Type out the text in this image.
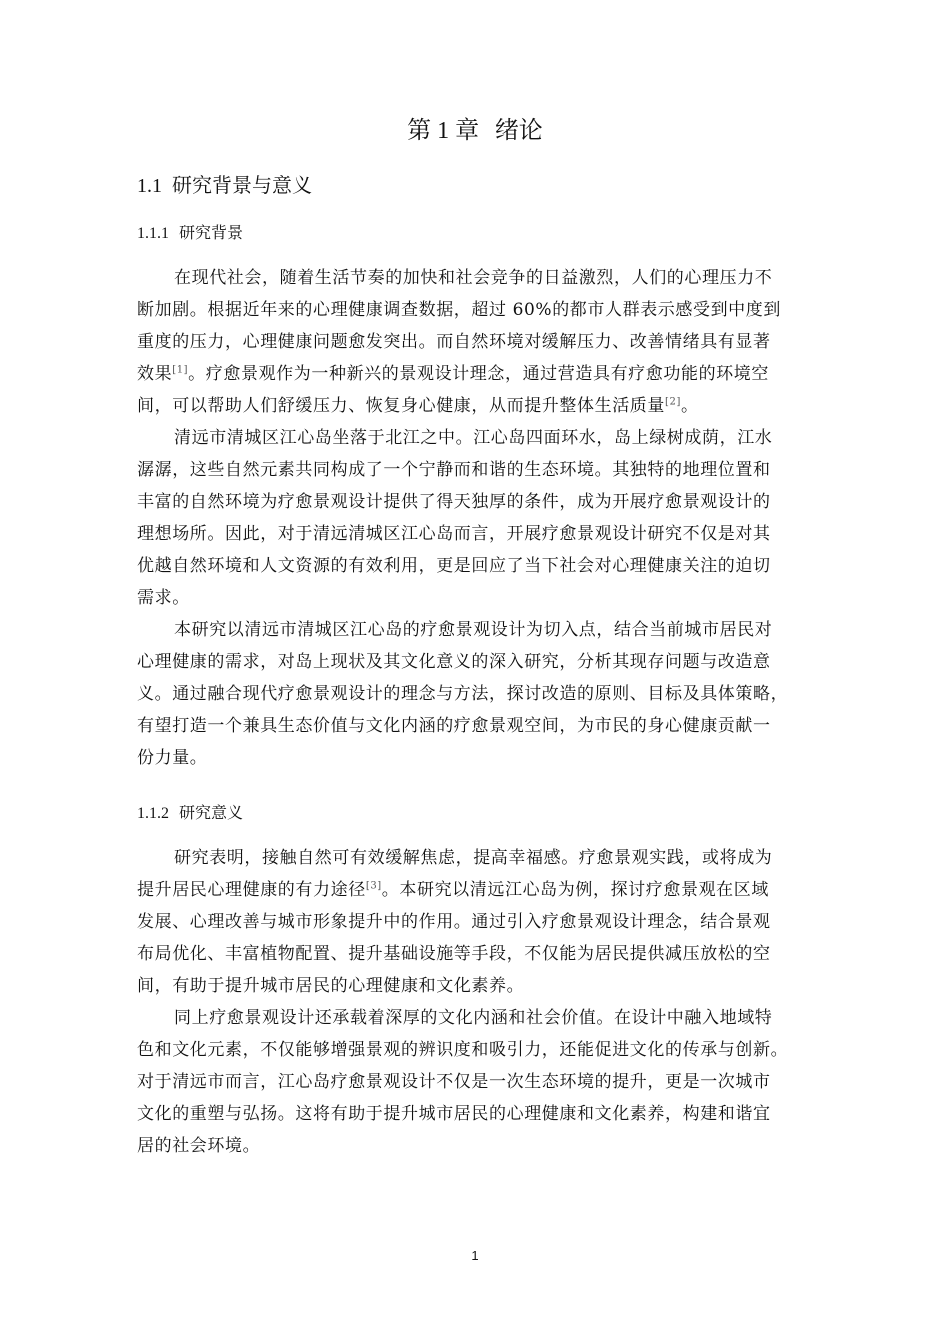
第 1 章 绪论
1.1 研究背景与意义
1.1.1 研究背景
在现代社会，随着生活节奏的加快和社会竞争的日益激烈，人们的心理压力不
断加剧。根据近年来的心理健康调查数据，超过 60%的都市人群表示感受到中度到
重度的压力，心理健康问题愈发突出。而自然环境对缓解压力、改善情绪具有显著
效果[1]。疗愈景观作为一种新兴的景观设计理念，通过营造具有疗愈功能的环境空
间，可以帮助人们舒缓压力、恢复身心健康，从而提升整体生活质量[2]。
清远市清城区江心岛坐落于北江之中。江心岛四面环水，岛上绿树成荫，江水
潺潺，这些自然元素共同构成了一个宁静而和谐的生态环境。其独特的地理位置和
丰富的自然环境为疗愈景观设计提供了得天独厚的条件，成为开展疗愈景观设计的
理想场所。因此，对于清远清城区江心岛而言，开展疗愈景观设计研究不仅是对其
优越自然环境和人文资源的有效利用，更是回应了当下社会对心理健康关注的迫切
需求。
本研究以清远市清城区江心岛的疗愈景观设计为切入点，结合当前城市居民对
心理健康的需求，对岛上现状及其文化意义的深入研究，分析其现存问题与改造意
义。通过融合现代疗愈景观设计的理念与方法，探讨改造的原则、目标及具体策略，
有望打造一个兼具生态价值与文化内涵的疗愈景观空间，为市民的身心健康贡献一
份力量。
1.1.2 研究意义
研究表明，接触自然可有效缓解焦虑，提高幸福感。疗愈景观实践，或将成为
提升居民心理健康的有力途径[3]。本研究以清远江心岛为例，探讨疗愈景观在区域
发展、心理改善与城市形象提升中的作用。通过引入疗愈景观设计理念，结合景观
布局优化、丰富植物配置、提升基础设施等手段，不仅能为居民提供减压放松的空
间，有助于提升城市居民的心理健康和文化素养。
同上疗愈景观设计还承载着深厚的文化内涵和社会价值。在设计中融入地域特
色和文化元素，不仅能够增强景观的辨识度和吸引力，还能促进文化的传承与创新。
对于清远市而言，江心岛疗愈景观设计不仅是一次生态环境的提升，更是一次城市
文化的重塑与弘扬。这将有助于提升城市居民的心理健康和文化素养，构建和谐宜
居的社会环境。
1
